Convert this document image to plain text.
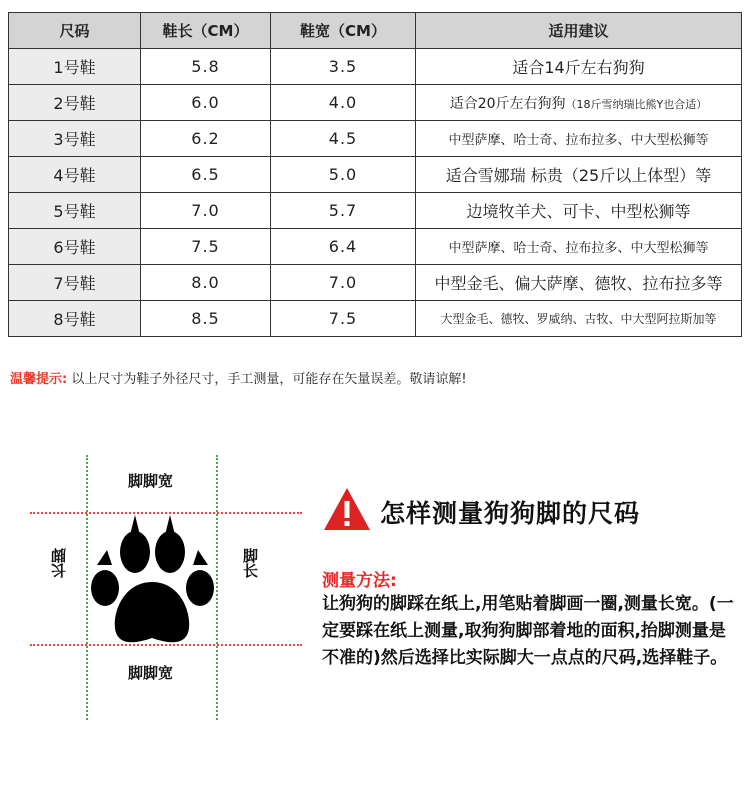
尺码	鞋长（CM）	鞋宽（CM）	适用建议
1号鞋	5.8	3.5	适合14斤左右狗狗
2号鞋	6.0	4.0	适合20斤左右狗狗（18斤雪纳瑞比熊Y也合适）
3号鞋	6.2	4.5	中型萨摩、哈士奇、拉布拉多、中大型松狮等
4号鞋	6.5	5.0	适合雪娜瑞 标贵（25斤以上体型）等
5号鞋	7.0	5.7	边境牧羊犬、可卡、中型松狮等
6号鞋	7.5	6.4	中型萨摩、哈士奇、拉布拉多、中大型松狮等
7号鞋	8.0	7.0	中型金毛、偏大萨摩、德牧、拉布拉多等
8号鞋	8.5	7.5	大型金毛、德牧、罗威纳、古牧、中大型阿拉斯加等
温馨提示: 以上尺寸为鞋子外径尺寸，手工测量，可能存在矢量误差。敬请谅解!
脚脚宽
脚脚宽
长脚	脚长
怎样测量狗狗脚的尺码
测量方法:
让狗狗的脚踩在纸上,用笔贴着脚画一圈,测量长宽。(一定要踩在纸上测量,取狗狗脚部着地的面积,抬脚测量是不准的)然后选择比实际脚大一点点的尺码,选择鞋子。
